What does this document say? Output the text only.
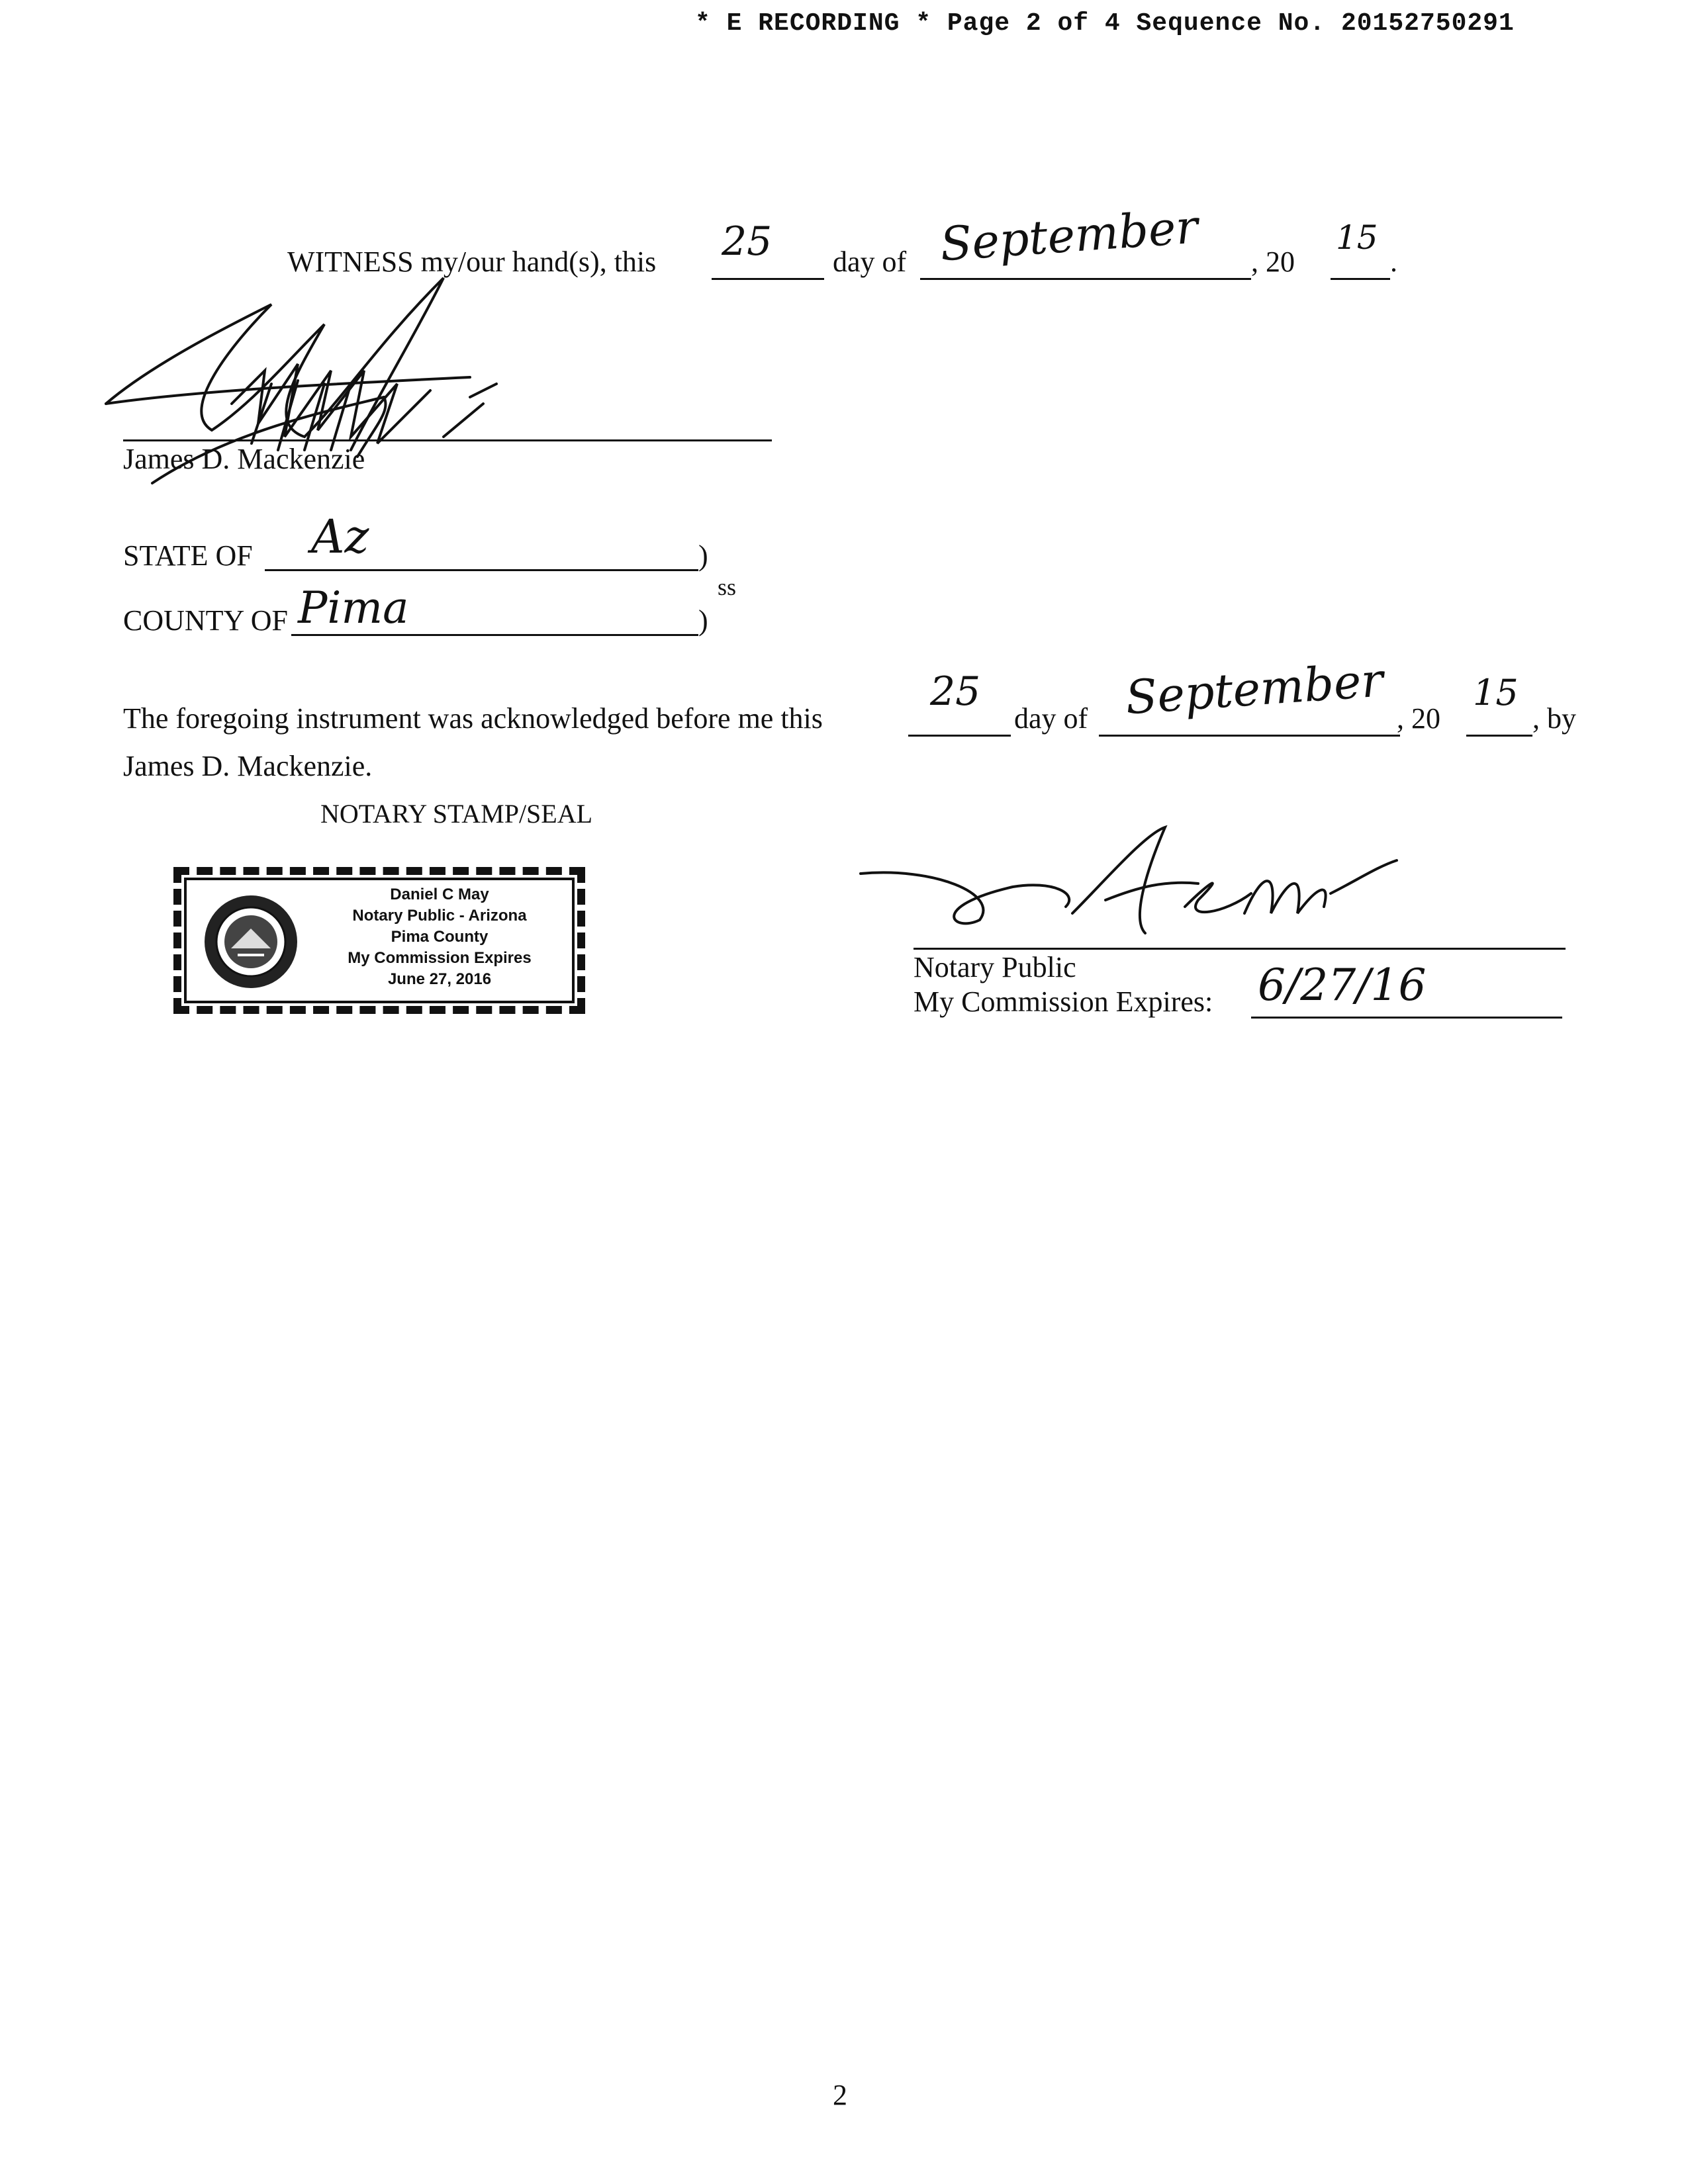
* E RECORDING * Page 2 of 4 Sequence No. 20152750291
WITNESS my/our hand(s), this 25 day of September , 20
15
.
James D. Mackenzie
STATE OF Az	)
ss
COUNTY OF Pima	)
The foregoing instrument was acknowledged before me this
25
day of September , 20
15
, by
James D. Mackenzie.
NOTARY STAMP/SEAL
Daniel C May
Notary Public - Arizona
Pima County
My Commission Expires
June 27, 2016	Notary Public
My Commission Expires: 6/27/16
2
